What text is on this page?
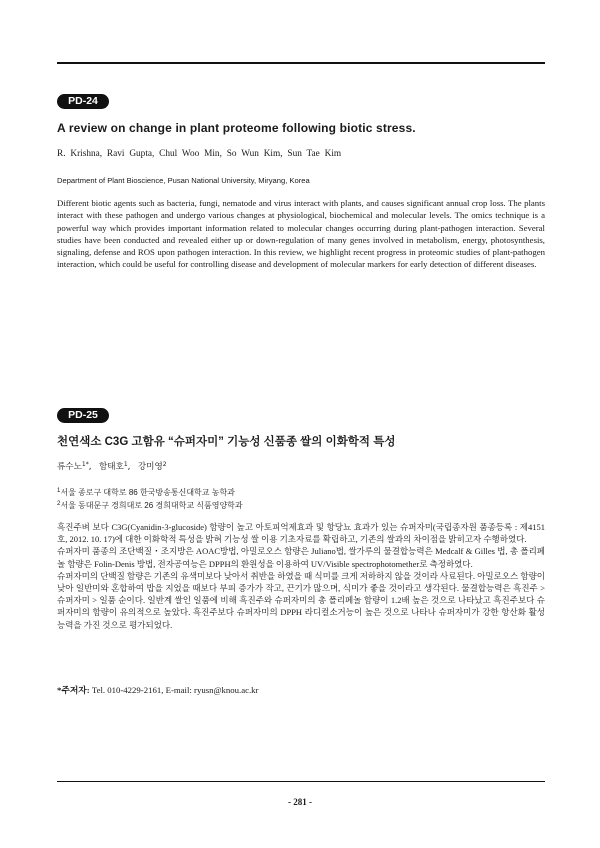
PD-24
A review on change in plant proteome following biotic stress.
R. Krishna, Ravi Gupta, Chul Woo Min, So Wun Kim, Sun Tae Kim
Department of Plant Bioscience, Pusan National University, Miryang, Korea

Different biotic agents such as bacteria, fungi, nematode and virus interact with plants, and causes significant annual crop loss. The plants interact with these pathogen and undergo various changes at physiological, biochemical and molecular levels. The omics technique is a powerful way which provides important information related to molecular changes occurring during plant-pathogen interaction. Several studies have been conducted and revealed either up or down-regulation of many genes involved in metabolism, energy, photosynthesis, signaling, defense and ROS upon pathogen interaction. In this review, we highlight recent progress in proteomic studies of plant-pathogen interaction, which could be useful for controlling disease and development of molecular markers for early detection of different diseases.

PD-25
천연색소 C3G 고함유 “슈퍼자미” 기능성 신품종 쌀의 이화학적 특성
류수노$^{1*}$,  함태호$^1$,  강미영$^2$
$^1$서울 종로구 대학로 86 한국방송통신대학교 농학과
$^2$서울 동대문구 경희대로 26 경희대학교 식품영양학과

흑진주벼 보다 C3G(Cyanidin-3-glucoside) 함량이 높고 아토피억제효과 및 항당뇨 효과가 있는 슈퍼자미(국립종자원 품종등록 : 제4151호, 2012. 10. 17)에 대한 이화학적 특성을 밝혀 기능성 쌀 이용 기초자료를 확립하고, 기존의 쌀과의 차이점을 밝히고자 수행하였다.

슈퍼자미 품종의 조단백질・조지방은 AOAC방법, 아밀로오스 함량은 Juliano법, 쌀가루의 물결합능력은 Medcalf & Gilles 법, 총 폴리페놀 함량은 Folin-Denis 방법, 전자공여능은 DPPH의 환원성을 이용하여 UV/Visible spectrophotomether로 측정하였다.

슈퍼자미의 단백질 함량은 기존의 유색미보다 낮아서 취반을 하였을 때 식미를 크게 저하하지 않을 것이라 사료된다. 아밀로오스 함량이 낮아 일반미와 혼합하여 밥을 지었을 때보다 부피 증가가 작고, 끈기가 많으며, 식미가 좋을 것이라고 생각된다. 물결합능력은 흑진주 > 슈퍼자미 > 일품 순이다. 일반계 쌀인 일품에 비해 흑진주와 슈퍼자미의 총 폴리페놀 함량이 1.2배 높은 것으로 나타났고 흑진주보다 슈퍼자미의 함량이 유의적으로 높았다. 흑진주보다 슈퍼자미의 DPPH 라디컬소거능이 높은 것으로 나타나 슈퍼자미가 강한 항산화 활성 능력을 가진 것으로 평가되었다.

*주저자: Tel. 010-4229-2161, E-mail: ryusn@knou.ac.kr
- 281 -
